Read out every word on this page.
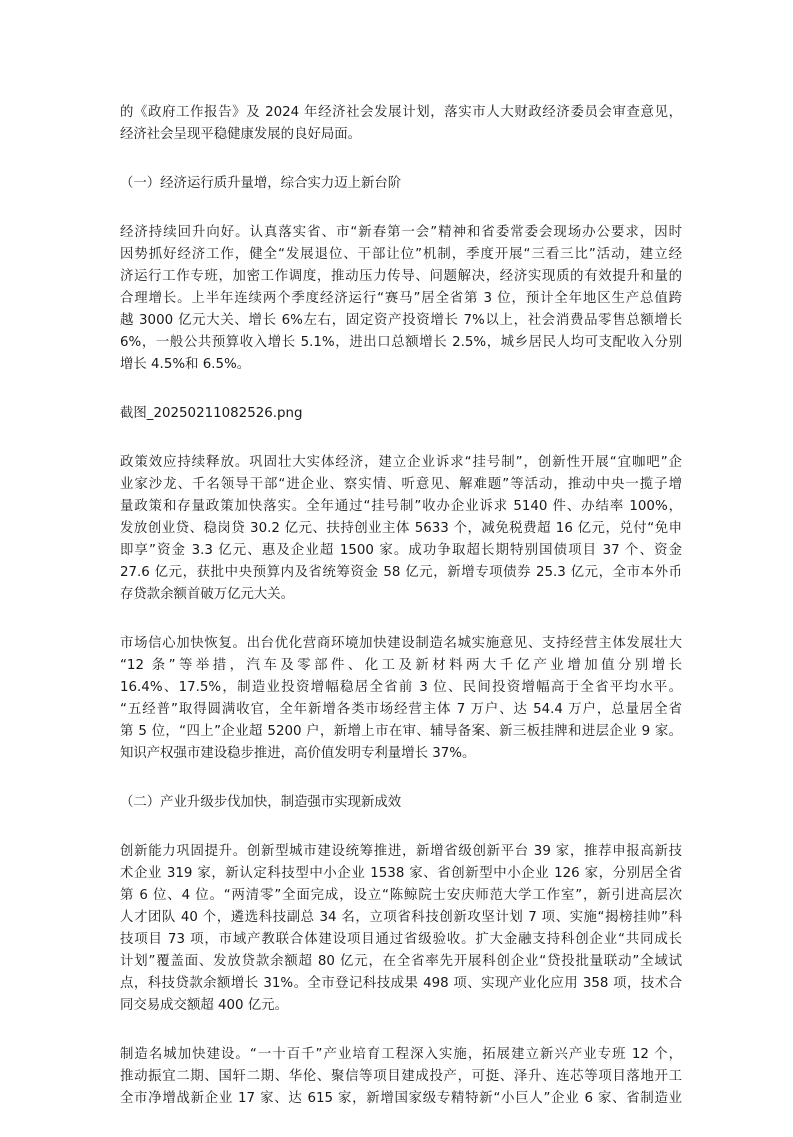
的《政府工作报告》及 2024 年经济社会发展计划，落实市人大财政经济委员会审查意见，
经济社会呈现平稳健康发展的良好局面。
（一）经济运行质升量增，综合实力迈上新台阶
经济持续回升向好。认真落实省、市“新春第一会”精神和省委常委会现场办公要求，因时
因势抓好经济工作，健全“发展退位、干部让位”机制，季度开展“三看三比”活动，建立经
济运行工作专班，加密工作调度，推动压力传导、问题解决，经济实现质的有效提升和量的
合理增长。上半年连续两个季度经济运行“赛马”居全省第 3 位，预计全年地区生产总值跨
越 3000 亿元大关、增长 6%左右，固定资产投资增长 7%以上，社会消费品零售总额增长
6%，一般公共预算收入增长 5.1%，进出口总额增长 2.5%，城乡居民人均可支配收入分别
增长 4.5%和 6.5%。
截图_20250211082526.png
政策效应持续释放。巩固壮大实体经济，建立企业诉求“挂号制”，创新性开展“宜咖吧”企
业家沙龙、千名领导干部“进企业、察实情、听意见、解难题”等活动，推动中央一揽子增
量政策和存量政策加快落实。全年通过“挂号制”收办企业诉求 5140 件、办结率 100%，
发放创业贷、稳岗贷 30.2 亿元、扶持创业主体 5633 个，减免税费超 16 亿元，兑付“免申
即享”资金 3.3 亿元、惠及企业超 1500 家。成功争取超长期特别国债项目 37 个、资金
27.6 亿元，获批中央预算内及省统筹资金 58 亿元，新增专项债券 25.3 亿元，全市本外币
存贷款余额首破万亿元大关。
市场信心加快恢复。出台优化营商环境加快建设制造名城实施意见、支持经营主体发展壮大
“12 条”等举措，汽车及零部件、化工及新材料两大千亿产业增加值分别增长
16.4%、17.5%，制造业投资增幅稳居全省前 3 位、民间投资增幅高于全省平均水平。
“五经普”取得圆满收官，全年新增各类市场经营主体 7 万户、达 54.4 万户，总量居全省
第 5 位，“四上”企业超 5200 户，新增上市在审、辅导备案、新三板挂牌和进层企业 9 家。
知识产权强市建设稳步推进，高价值发明专利量增长 37%。
（二）产业升级步伐加快，制造强市实现新成效
创新能力巩固提升。创新型城市建设统筹推进，新增省级创新平台 39 家，推荐申报高新技
术企业 319 家，新认定科技型中小企业 1538 家、省创新型中小企业 126 家，分别居全省
第 6 位、4 位。“两清零”全面完成，设立“陈鲸院士安庆师范大学工作室”，新引进高层次
人才团队 40 个，遴选科技副总 34 名，立项省科技创新攻坚计划 7 项、实施“揭榜挂帅”科
技项目 73 项，市域产教联合体建设项目通过省级验收。扩大金融支持科创企业“共同成长
计划”覆盖面、发放贷款余额超 80 亿元，在全省率先开展科创企业“贷投批量联动”全域试
点，科技贷款余额增长 31%。全市登记科技成果 498 项、实现产业化应用 358 项，技术合
同交易成交额超 400 亿元。
制造名城加快建设。“一十百千”产业培育工程深入实施，拓展建立新兴产业专班 12 个，
推动振宜二期、国轩二期、华伦、聚信等项目建成投产，可挺、泽升、连芯等项目落地开工
全市净增战新企业 17 家、达 615 家，新增国家级专精特新“小巨人”企业 6 家、省制造业
